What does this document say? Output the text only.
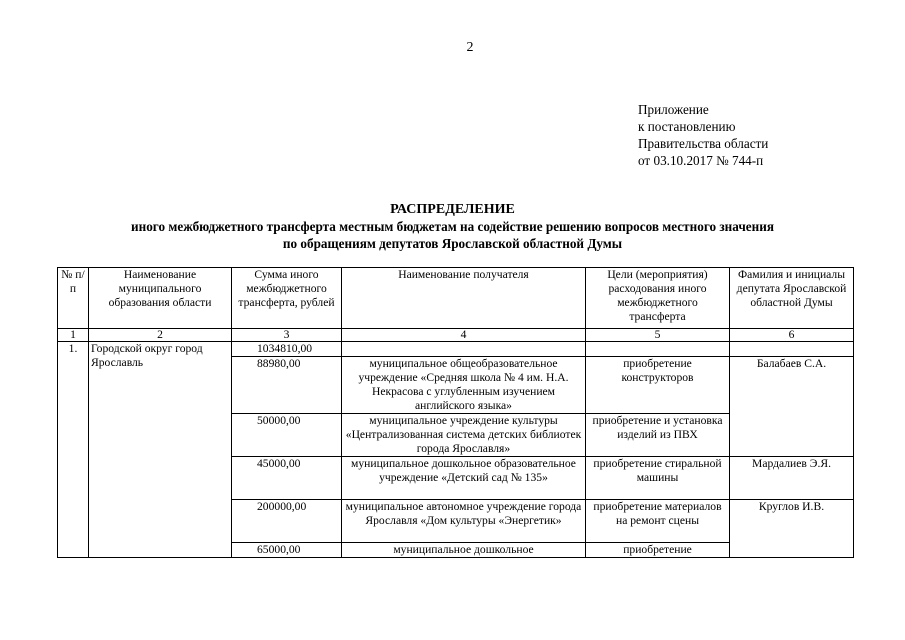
2
Приложение
к постановлению
Правительства области
от 03.10.2017 № 744-п
РАСПРЕДЕЛЕНИЕ
иного межбюджетного трансферта местным бюджетам на содействие решению вопросов местного значения
по обращениям депутатов Ярославской областной Думы
№ п/п	Наименование муниципального образования области	Сумма иного межбюджетного трансферта, рублей	Наименование получателя	Цели (мероприятия) расходования иного межбюджетного трансферта	Фамилия и инициалы депутата Ярославской областной Думы
1	2	3	4	5	6
1.	Городской округ город Ярославль	1034810,00			
		88980,00	муниципальное общеобразовательное учреждение «Средняя школа № 4 им. Н.А. Некрасова с углубленным изучением английского языка»	приобретение конструкторов	Балабаев С.А.
		50000,00	муниципальное учреждение культуры «Централизованная система детских библиотек города Ярославля»	приобретение и установка изделий из ПВХ	
		45000,00	муниципальное дошкольное образовательное учреждение «Детский сад № 135»	приобретение стиральной машины	Мардалиев Э.Я.
		200000,00	муниципальное автономное учреждение города Ярославля «Дом культуры «Энергетик»	приобретение материалов на ремонт сцены	Круглов И.В.
		65000,00	муниципальное дошкольное	приобретение	
